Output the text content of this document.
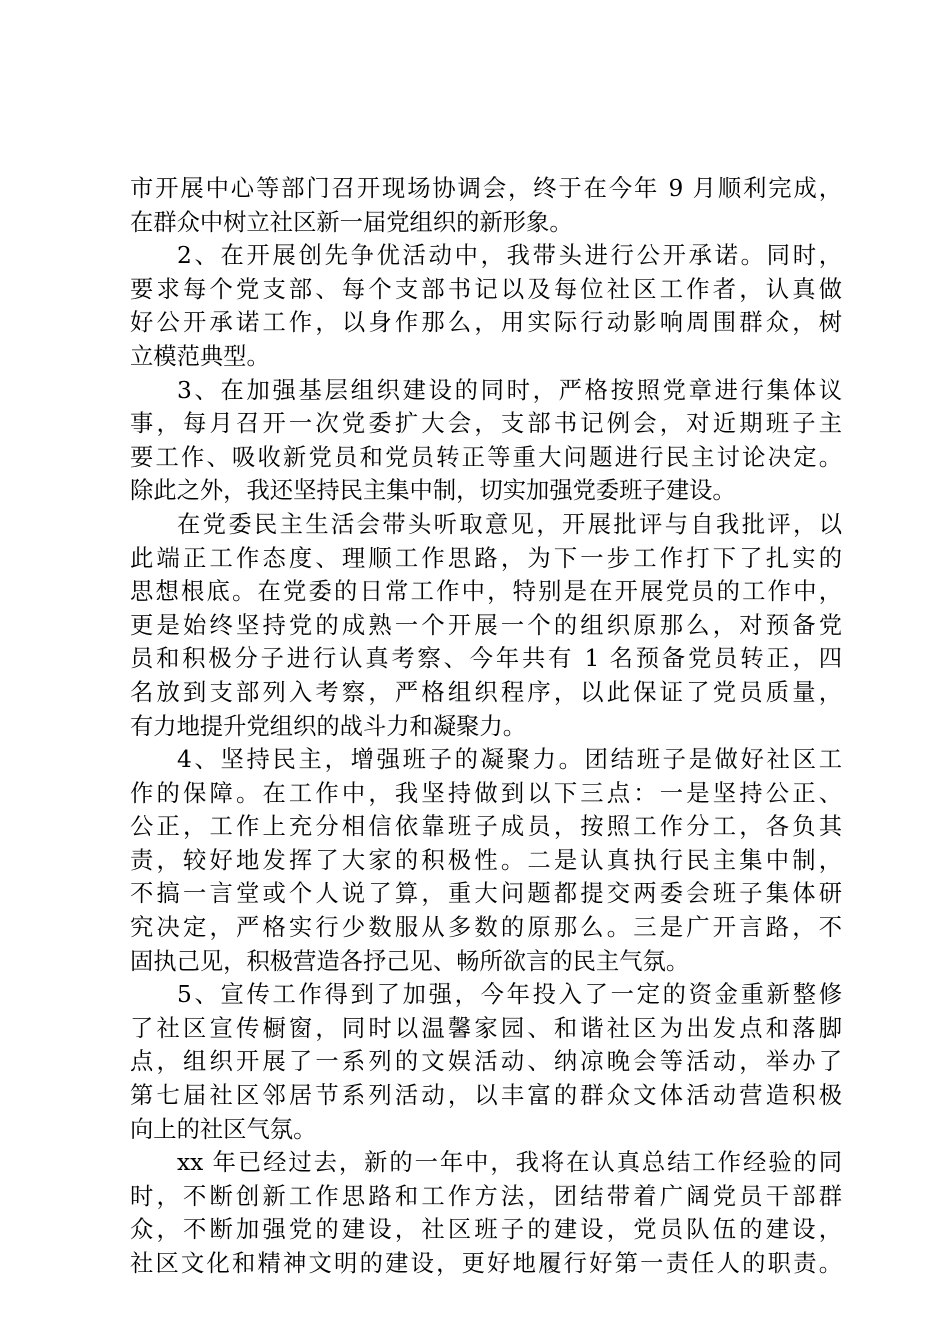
市开展中心等部门召开现场协调会，终于在今年 9 月顺利完成，
在群众中树立社区新一届党组织的新形象。
2、在开展创先争优活动中，我带头进行公开承诺。同时，
要求每个党支部、每个支部书记以及每位社区工作者，认真做
好公开承诺工作，以身作那么，用实际行动影响周围群众，树
立模范典型。
3、在加强基层组织建设的同时，严格按照党章进行集体议
事，每月召开一次党委扩大会，支部书记例会，对近期班子主
要工作、吸收新党员和党员转正等重大问题进行民主讨论决定。
除此之外，我还坚持民主集中制，切实加强党委班子建设。
在党委民主生活会带头听取意见，开展批评与自我批评，以
此端正工作态度、理顺工作思路，为下一步工作打下了扎实的
思想根底。在党委的日常工作中，特别是在开展党员的工作中，
更是始终坚持党的成熟一个开展一个的组织原那么，对预备党
员和积极分子进行认真考察、今年共有 1 名预备党员转正，四
名放到支部列入考察，严格组织程序，以此保证了党员质量，
有力地提升党组织的战斗力和凝聚力。
4、坚持民主，增强班子的凝聚力。团结班子是做好社区工
作的保障。在工作中，我坚持做到以下三点：一是坚持公正、
公正，工作上充分相信依靠班子成员，按照工作分工，各负其
责，较好地发挥了大家的积极性。二是认真执行民主集中制，
不搞一言堂或个人说了算，重大问题都提交两委会班子集体研
究决定，严格实行少数服从多数的原那么。三是广开言路，不
固执己见，积极营造各抒己见、畅所欲言的民主气氛。
5、宣传工作得到了加强，今年投入了一定的资金重新整修
了社区宣传橱窗，同时以温馨家园、和谐社区为出发点和落脚
点，组织开展了一系列的文娱活动、纳凉晚会等活动，举办了
第七届社区邻居节系列活动，以丰富的群众文体活动营造积极
向上的社区气氛。
xx 年已经过去，新的一年中，我将在认真总结工作经验的同
时，不断创新工作思路和工作方法，团结带着广阔党员干部群
众，不断加强党的建设，社区班子的建设，党员队伍的建设，
社区文化和精神文明的建设，更好地履行好第一责任人的职责。
